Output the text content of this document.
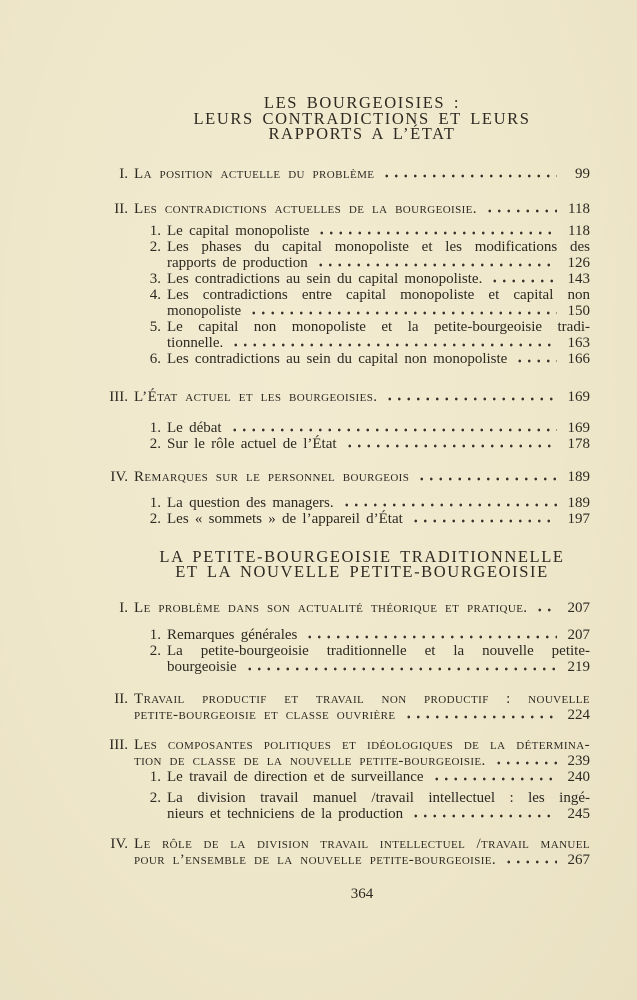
LES BOURGEOISIES :
LEURS CONTRADICTIONS ET LEURS
RAPPORTS A L’ÉTAT
I. La position actuelle du problème	99
II. Les contradictions actuelles de la bourgeoisie.	118
1. Le capital monopoliste	118
2. Les phases du capital monopoliste et les modifications des
rapports de production	126
3. Les contradictions au sein du capital monopoliste.	143
4. Les contradictions entre capital monopoliste et capital non
monopoliste	150
5. Le capital non monopoliste et la petite-bourgeoisie tradi-
tionnelle.	163
6. Les contradictions au sein du capital non monopoliste	166
III. L’État actuel et les bourgeoisies.	169
1. Le débat	169
2. Sur le rôle actuel de l’État	178
IV. Remarques sur le personnel bourgeois	189
1. La question des managers.	189
2. Les « sommets » de l’appareil d’État	197
LA PETITE-BOURGEOISIE TRADITIONNELLE
ET LA NOUVELLE PETITE-BOURGEOISIE
I. Le problème dans son actualité théorique et pratique.	207
1. Remarques générales	207
2. La petite-bourgeoisie traditionnelle et la nouvelle petite-
bourgeoisie	219
II. Travail productif et travail non productif : nouvelle
petite-bourgeoisie et classe ouvrière	224
III. Les composantes politiques et idéologiques de la détermina-
tion de classe de la nouvelle petite-bourgeoisie.	239
1. Le travail de direction et de surveillance	240
2. La division travail manuel /travail intellectuel : les ingé-
nieurs et techniciens de la production	245
IV. Le rôle de la division travail intellectuel /travail manuel
pour l’ensemble de la nouvelle petite-bourgeoisie.	267
364
